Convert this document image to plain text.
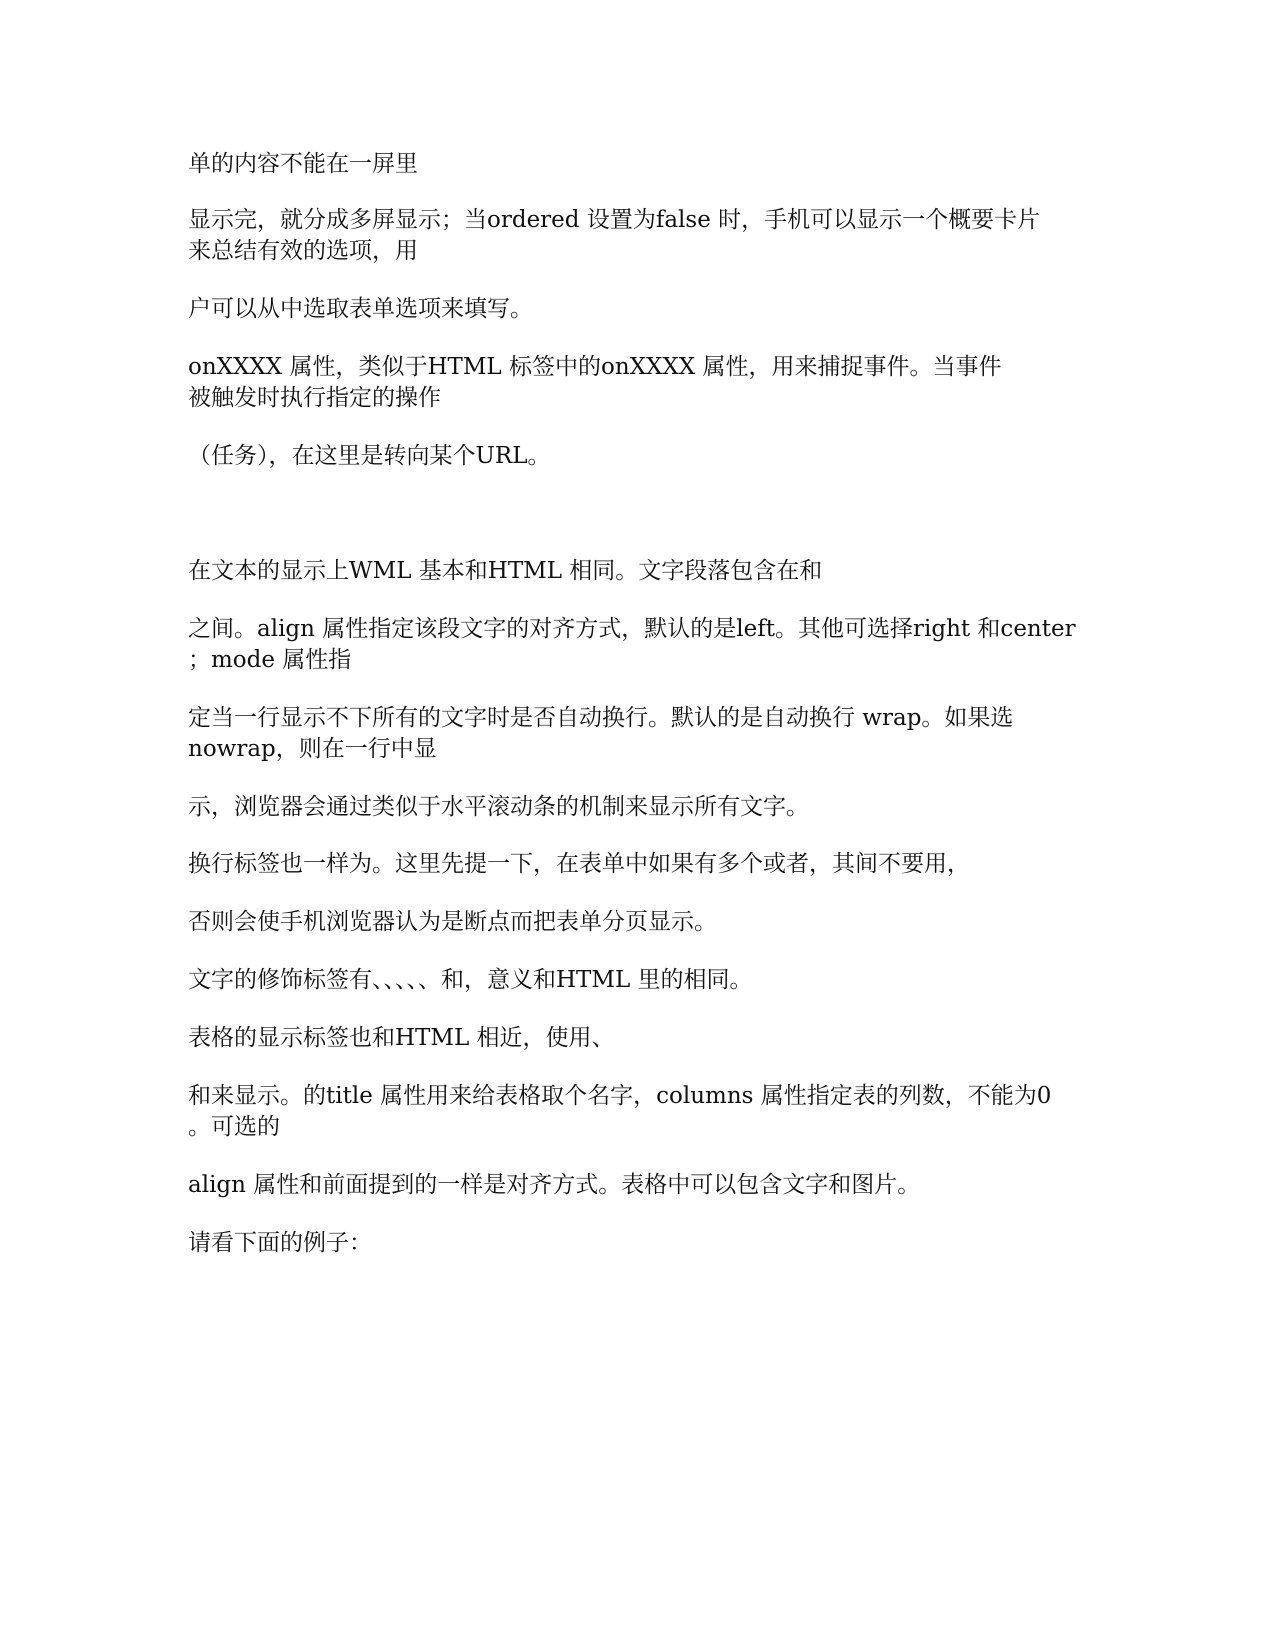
单的内容不能在一屏里

显示完，就分成多屏显示；当ordered 设置为false 时，手机可以显示一个概要卡片

来总结有效的选项，用

户可以从中选取表单选项来填写。

onXXXX 属性，类似于HTML 标签中的onXXXX 属性，用来捕捉事件。当事件

被触发时执行指定的操作

（任务），在这里是转向某个URL。

在文本的显示上WML 基本和HTML 相同。文字段落包含在和

之间。align 属性指定该段文字的对齐方式，默认的是left。其他可选择right 和center

；mode 属性指

定当一行显示不下所有的文字时是否自动换行。默认的是自动换行 wrap。如果选

nowrap，则在一行中显

示，浏览器会通过类似于水平滚动条的机制来显示所有文字。

换行标签也一样为。这里先提一下，在表单中如果有多个或者，其间不要用，

否则会使手机浏览器认为是断点而把表单分页显示。

文字的修饰标签有、、、、、和，意义和HTML 里的相同。

表格的显示标签也和HTML 相近，使用、

和来显示。的title 属性用来给表格取个名字，columns 属性指定表的列数，不能为0

。可选的

align 属性和前面提到的一样是对齐方式。表格中可以包含文字和图片。

请看下面的例子：
